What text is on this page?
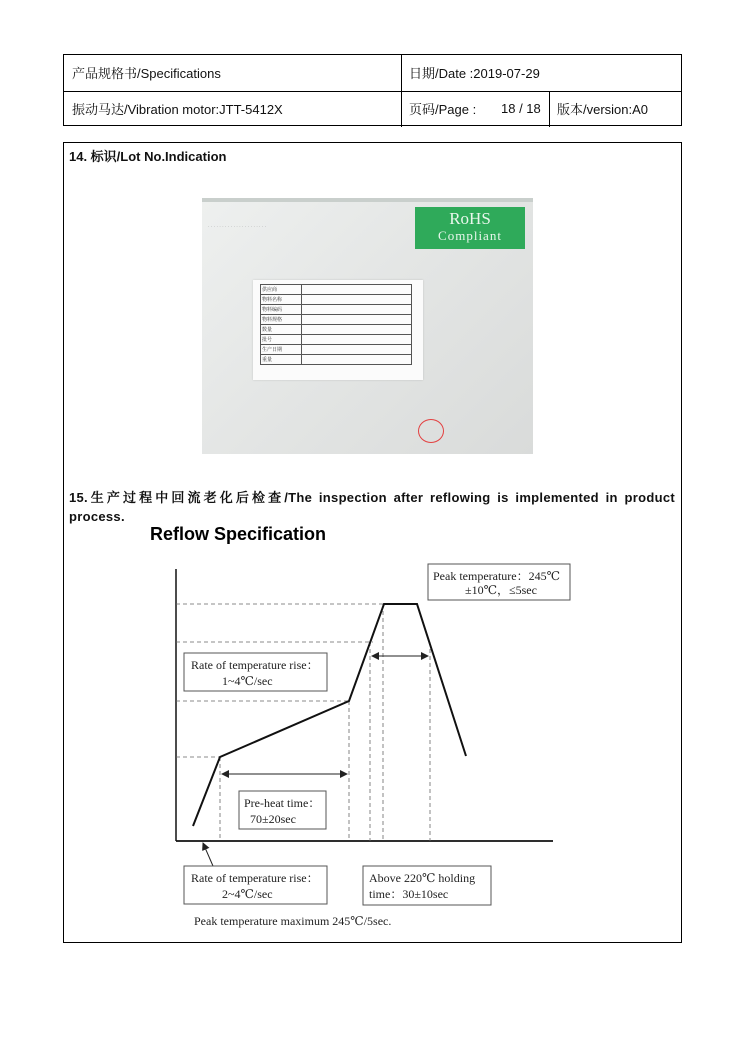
产品规格书/Specifications	日期/Date :2019-07-29
振动马达/Vibration motor:JTT-5412X	页码/Page :	18 / 18	版本/version:A0
14. 标识/Lot No.Indication
· · · · · · · · · · · · · · · · · · · · ·	RoHS
Compliant
供应商	
物料名称	
物料编码	
物料规格	
数量	
批号	
生产日期	
重量	
15.生产过程中回流老化后检查/The inspection after reflowing is implemented in product process.
Reflow Specification
Peak temperature：245℃
±10℃，≤5sec
Rate of temperature rise：
1~4℃/sec
Pre-heat time：
70±20sec
Rate of temperature rise：
2~4℃/sec
Above 220℃ holding
time：30±10sec
Peak temperature maximum 245℃/5sec.
